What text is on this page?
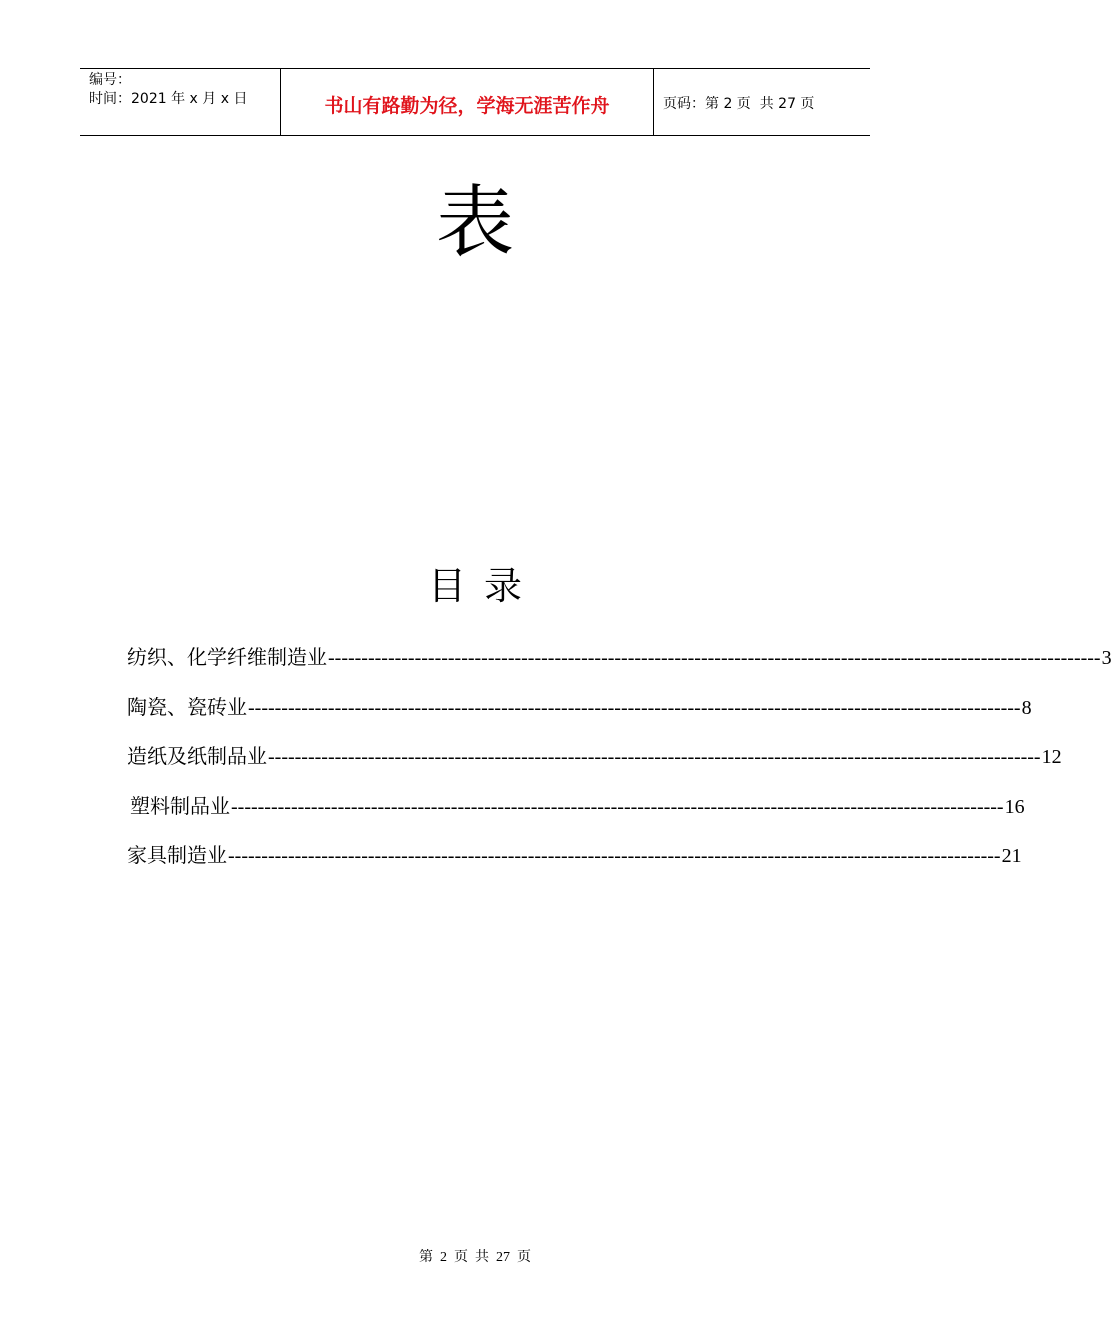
编号：
时间：2021 年 x 月 x 日	书山有路勤为径，学海无涯苦作舟	页码：第 2 页  共 27 页
表
目录
纺织、化学纤维制造业 -------------------------------------------------------------------------------------------------------------------- 3
陶瓷、瓷砖业 -------------------------------------------------------------------------------------------------------------------- 8
造纸及纸制品业 -------------------------------------------------------------------------------------------------------------------- 12
塑料制品业 -------------------------------------------------------------------------------------------------------------------- 16
家具制造业 -------------------------------------------------------------------------------------------------------------------- 21
第  2  页  共  27  页
